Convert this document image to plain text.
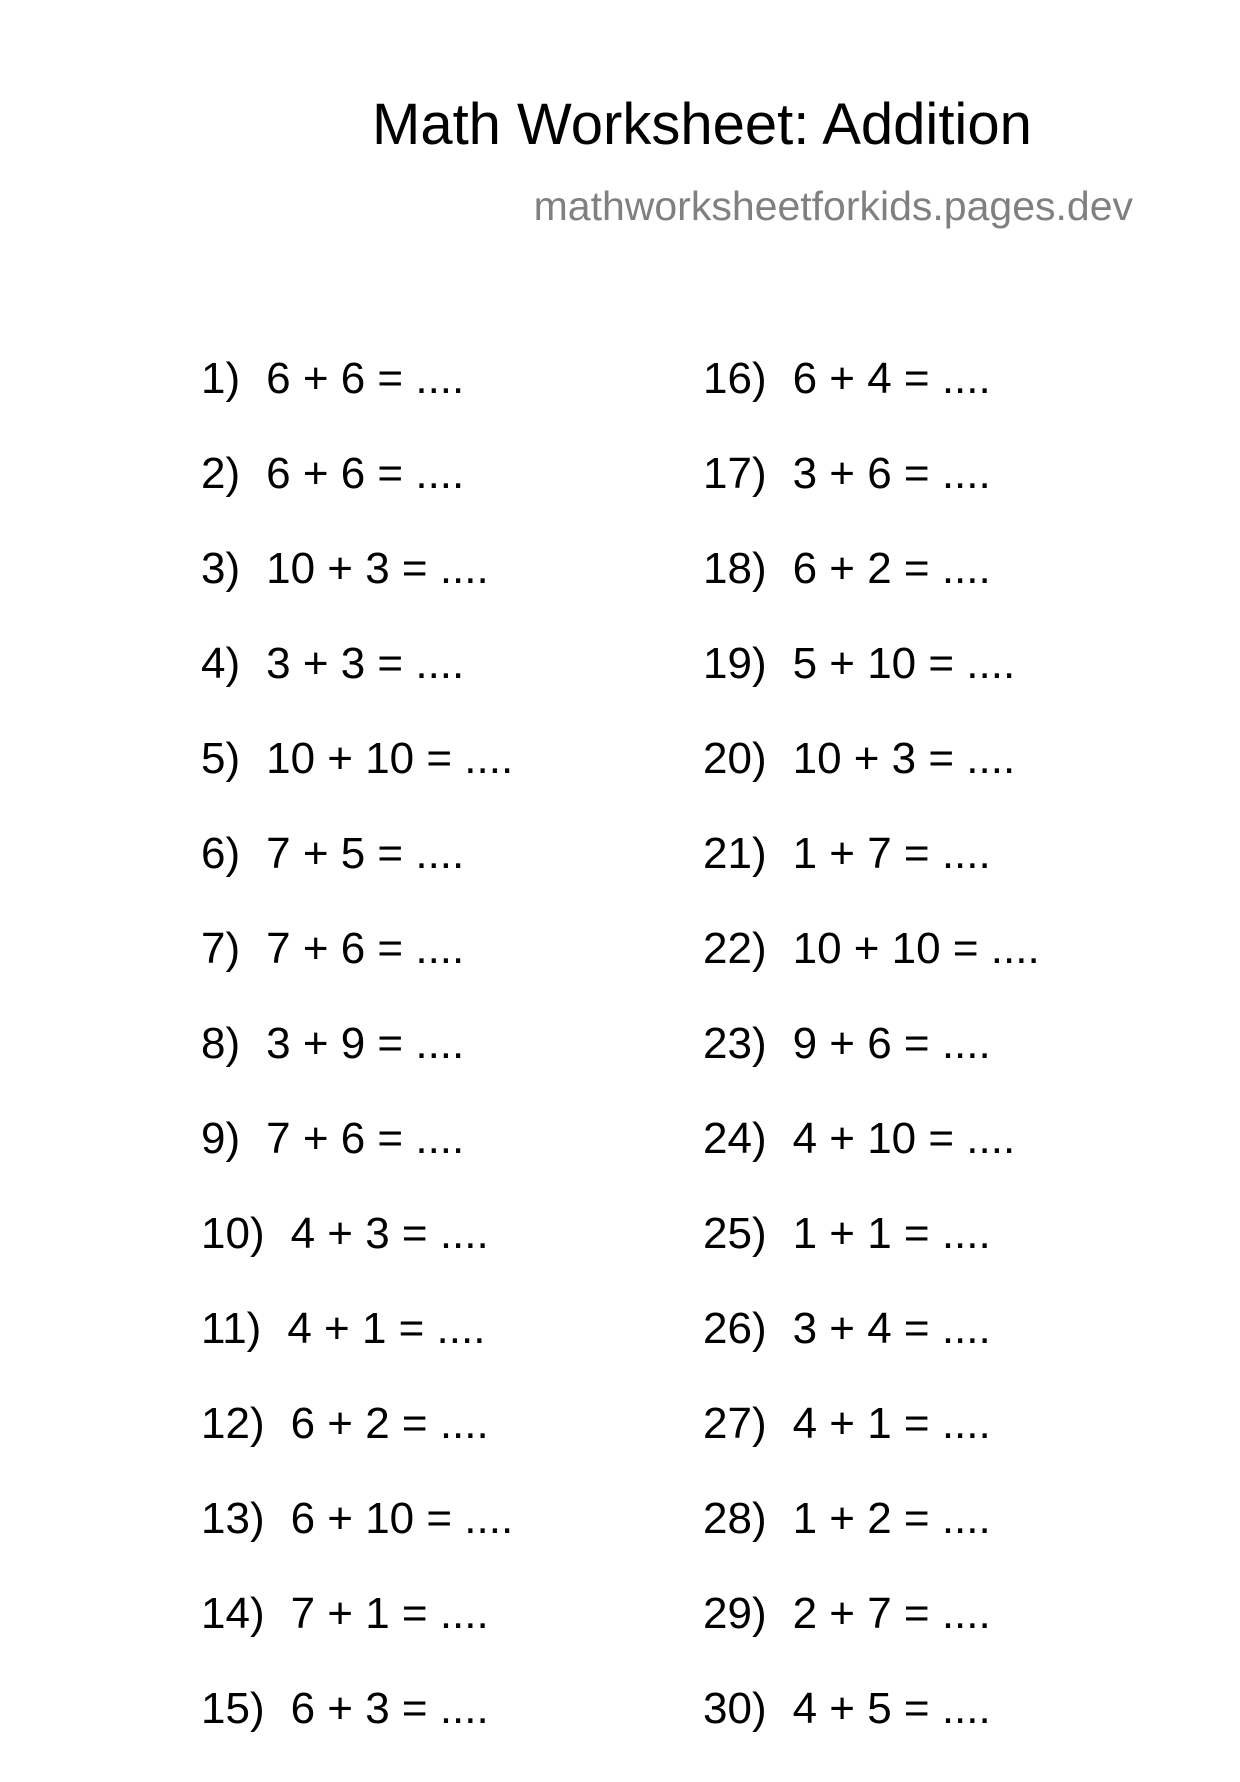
Math Worksheet: Addition
mathworksheetforkids.pages.dev
1) 6 + 6 = ....
2) 6 + 6 = ....
3) 10 + 3 = ....
4) 3 + 3 = ....
5) 10 + 10 = ....
6) 7 + 5 = ....
7) 7 + 6 = ....
8) 3 + 9 = ....
9) 7 + 6 = ....
10) 4 + 3 = ....
11) 4 + 1 = ....
12) 6 + 2 = ....
13) 6 + 10 = ....
14) 7 + 1 = ....
15) 6 + 3 = ....
16) 6 + 4 = ....
17) 3 + 6 = ....
18) 6 + 2 = ....
19) 5 + 10 = ....
20) 10 + 3 = ....
21) 1 + 7 = ....
22) 10 + 10 = ....
23) 9 + 6 = ....
24) 4 + 10 = ....
25) 1 + 1 = ....
26) 3 + 4 = ....
27) 4 + 1 = ....
28) 1 + 2 = ....
29) 2 + 7 = ....
30) 4 + 5 = ....
